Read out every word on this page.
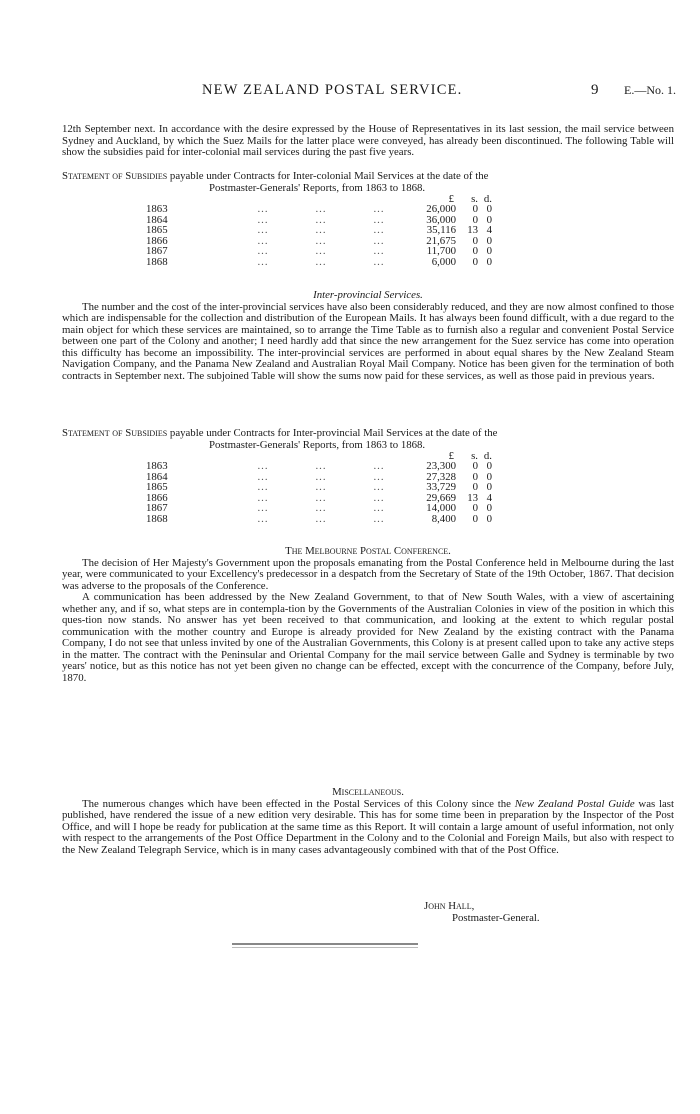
NEW ZEALAND POSTAL SERVICE.	9 E.—No. 1.

12th September next. In accordance with the desire expressed by the House of Representatives in its last session, the mail service between Sydney and Auckland, by which the Suez Mails for the latter place were conveyed, has already been discontinued. The following Table will show the subsidies paid for inter-colonial mail services during the past five years.

Statement of Subsidies payable under Contracts for Inter-colonial Mail Services at the date of the
Postmaster-Generals' Reports, from 1863 to 1868.
				£	s.	d.
1863	...	...	...	26,000	0	0
1864	...	...	...	36,000	0	0
1865	...	...	...	35,116	13	4
1866	...	...	...	21,675	0	0
1867	...	...	...	11,700	0	0
1868	...	...	...	6,000	0	0

Inter-provincial Services.

The number and the cost of the inter-provincial services have also been considerably reduced, and they are now almost confined to those which are indispensable for the collection and distribution of the European Mails. It has always been found difficult, with a due regard to the main object for which these services are maintained, so to arrange the Time Table as to furnish also a regular and convenient Postal Service between one part of the Colony and another; I need hardly add that since the new arrangement for the Suez service has come into operation this difficulty has become an impossibility. The inter-provincial services are performed in about equal shares by the New Zealand Steam Navigation Company, and the Panama New Zealand and Australian Royal Mail Company. Notice has been given for the termination of both contracts in September next. The subjoined Table will show the sums now paid for these services, as well as those paid in previous years.

Statement of Subsidies payable under Contracts for Inter-provincial Mail Services at the date of the
Postmaster-Generals' Reports, from 1863 to 1868.
				£	s.	d.
1863	...	...	...	23,300	0	0
1864	...	...	...	27,328	0	0
1865	...	...	...	33,729	0	0
1866	...	...	...	29,669	13	4
1867	...	...	...	14,000	0	0
1868	...	...	...	8,400	0	0

The Melbourne Postal Conference.

The decision of Her Majesty's Government upon the proposals emanating from the Postal Conference held in Melbourne during the last year, were communicated to your Excellency's predecessor in a despatch from the Secretary of State of the 19th October, 1867. That decision was adverse to the proposals of the Conference.

A communication has been addressed by the New Zealand Government, to that of New South Wales, with a view of ascertaining whether any, and if so, what steps are in contempla-tion by the Governments of the Australian Colonies in view of the position in which this ques-tion now stands. No answer has yet been received to that communication, and looking at the extent to which regular postal communication with the mother country and Europe is already provided for New Zealand by the existing contract with the Panama Company, I do not see that unless invited by one of the Australian Governments, this Colony is at present called upon to take any active steps in the matter. The contract with the Peninsular and Oriental Company for the mail service between Galle and Sydney is terminable by two years' notice, but as this notice has not yet been given no change can be effected, except with the concurrence of the Company, before July, 1870.

Miscellaneous.

The numerous changes which have been effected in the Postal Services of this Colony since the New Zealand Postal Guide was last published, have rendered the issue of a new edition very desirable. This has for some time been in preparation by the Inspector of the Post Office, and will I hope be ready for publication at the same time as this Report. It will contain a large amount of useful information, not only with respect to the arrangements of the Post Office Department in the Colony and to the Colonial and Foreign Mails, but also with respect to the New Zealand Telegraph Service, which is in many cases advantageously combined with that of the Post Office.

John Hall,
Postmaster-General.
